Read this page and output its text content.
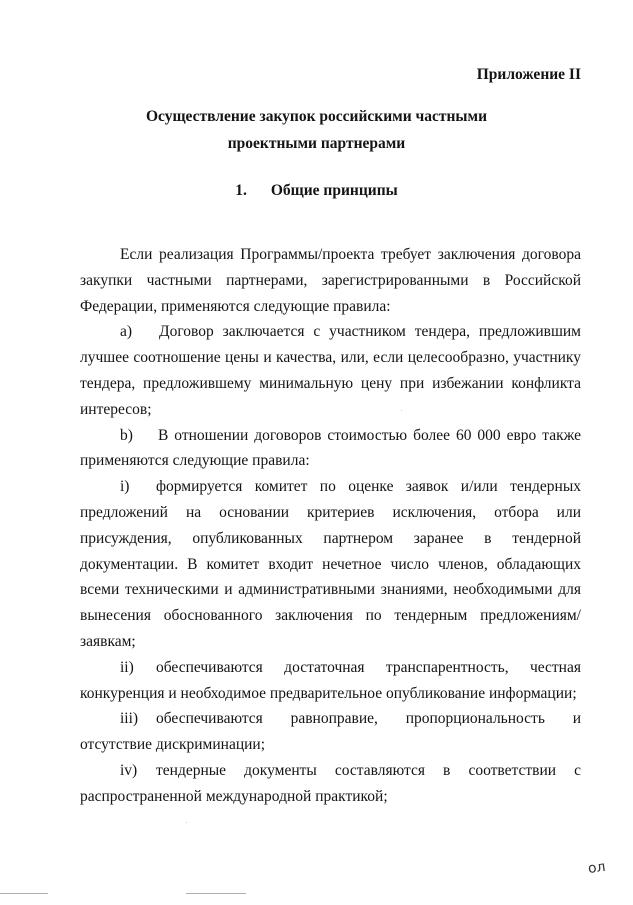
Приложение II
Осуществление закупок российскими частными
проектными партнерами
1. Общие принципы

Если реализация Программы/проекта требует заключения договора закупки частными партнерами, зарегистрированными в Российской Федерации, применяются следующие правила:

a) Договор заключается с участником тендера, предложившим лучшее соотношение цены и качества, или, если целесообразно, участнику тендера, предложившему минимальную цену при избежании конфликта интересов;

b) В отношении договоров стоимостью более 60 000 евро также применяются следующие правила:

i) формируется комитет по оценке заявок и/или тендерных предложений на основании критериев исключения, отбора или присуждения, опубликованных партнером заранее в тендерной документации. В комитет входит нечетное число членов, обладающих всеми техническими и административными знаниями, необходимыми для вынесения обоснованного заключения по тендерным предложениям/заявкам;

ii) обеспечиваются достаточная транспарентность, честная конкуренция и необходимое предварительное опубликование информации;

iii) обеспечиваются равноправие, пропорциональность и отсутствие дискриминации;

iv) тендерные документы составляются в соответствии с распространенной международной практикой;

ол
